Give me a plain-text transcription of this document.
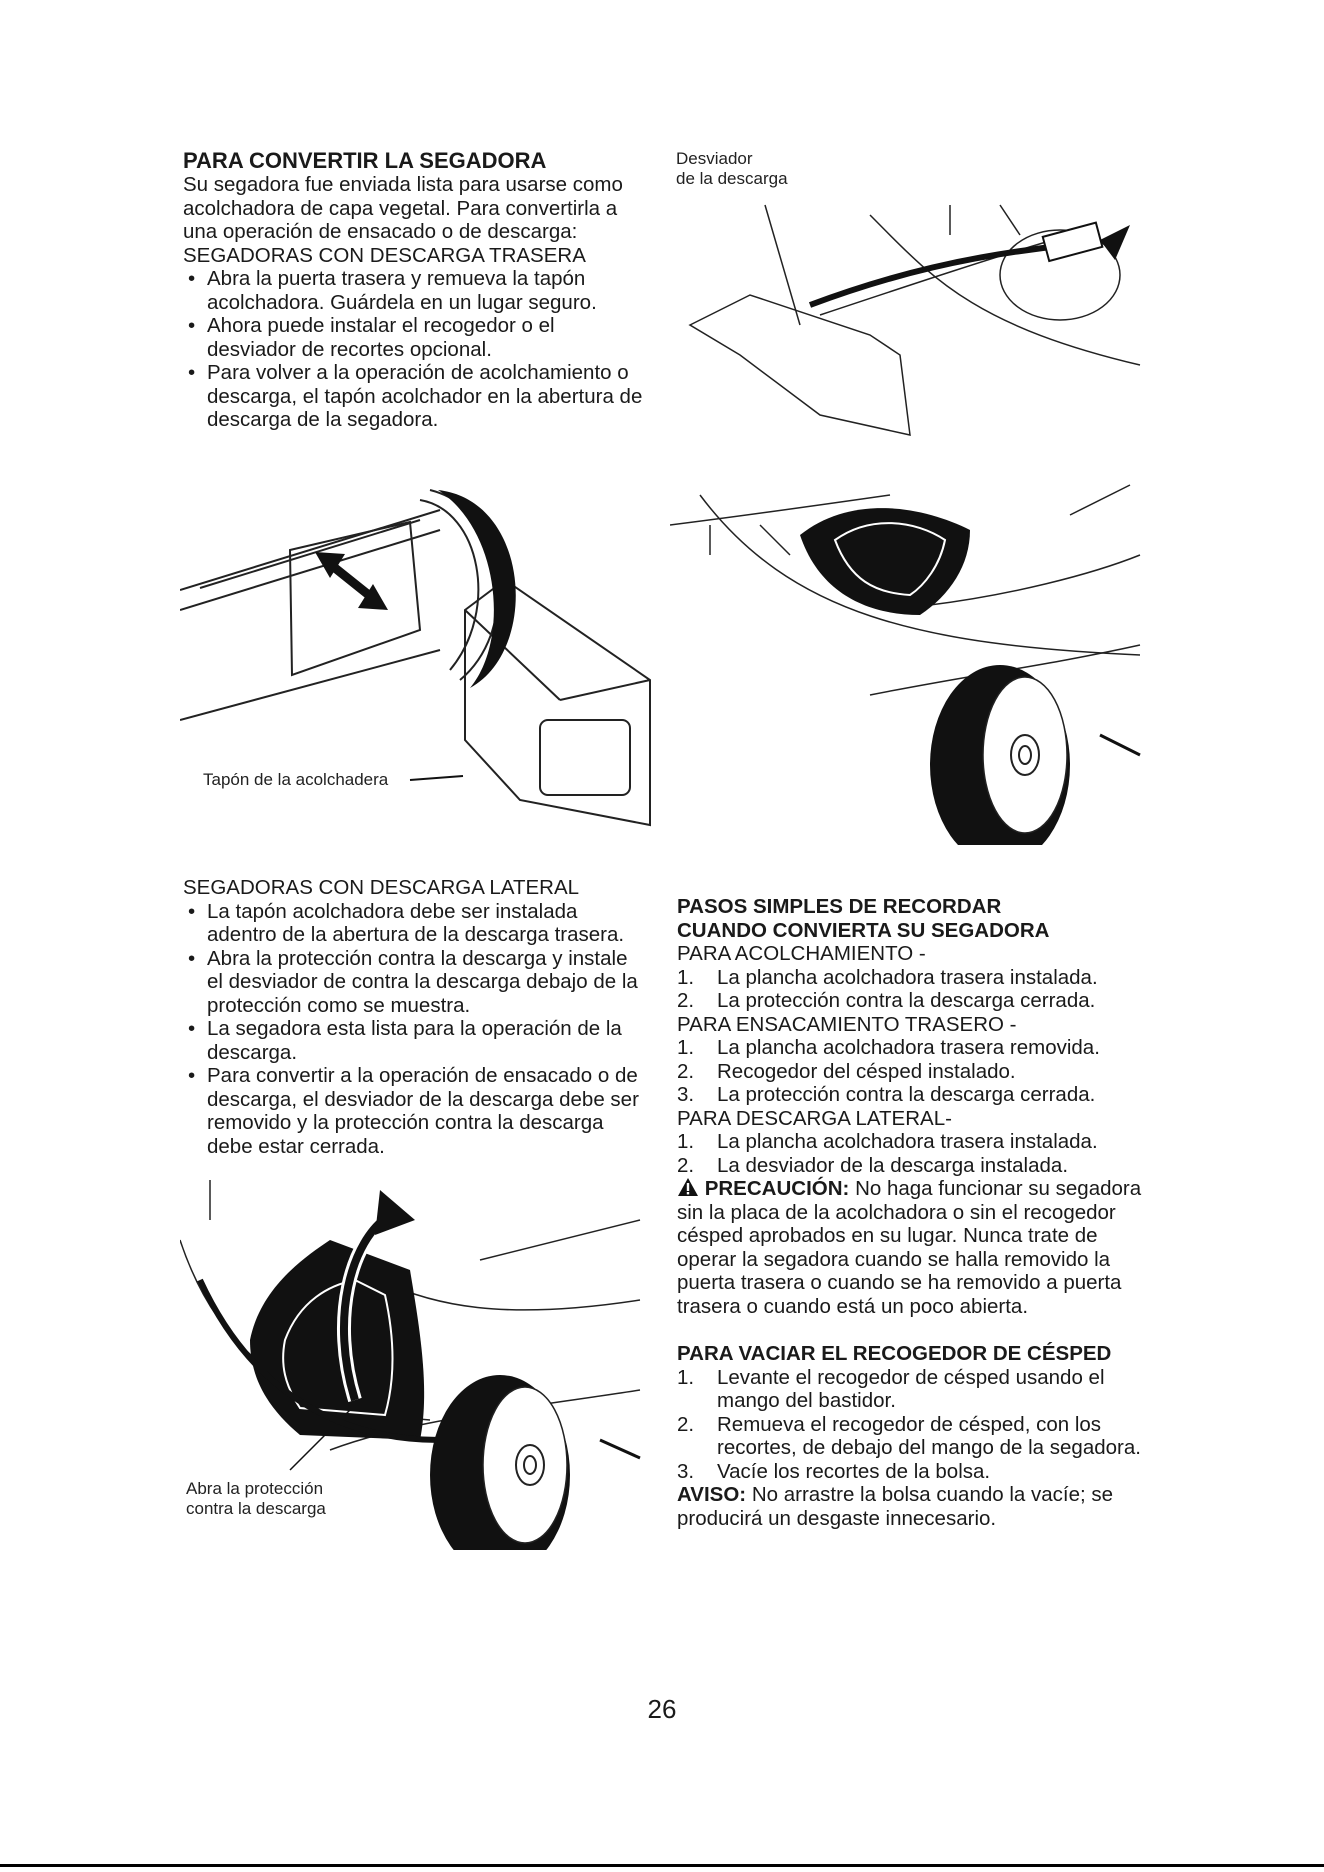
PARA CONVERTIR LA SEGADORA

Su segadora fue enviada lista para usarse como acolchadora de capa vegetal. Para convertirla a una operación de ensacado o de descarga:

SEGADORAS CON DESCARGA TRASERA

• Abra la puerta trasera y remueva la tapón acolchadora. Guárdela en un lugar seguro.
• Ahora puede instalar el recogedor o el desviador de recortes opcional.
• Para volver a la operación de acolchamiento o descarga, el tapón acolchador en la abertura de descarga de la segadora.
Tapón de la acolchadera

SEGADORAS CON DESCARGA LATERAL

• La tapón acolchadora debe ser instalada adentro de la abertura de la descarga trasera.
• Abra la protección contra la descarga y instale el desviador de contra la descarga debajo de la protección como se muestra.
• La segadora esta lista para la operación de la descarga.
• Para convertir a la operación de ensacado o de descarga, el desviador de la descarga debe ser removido y la protección contra la descarga debe estar cerrada.
Abra la protección
contra la descarga
Desviador
de la descarga

PASOS SIMPLES DE RECORDAR

CUANDO CONVIERTA SU SEGADORA

PARA ACOLCHAMIENTO -

1. La plancha acolchadora trasera instalada.
2. La protección contra la descarga cerrada.

PARA ENSACAMIENTO TRASERO -

1. La plancha acolchadora trasera removida.
2. Recogedor del césped instalado.
3. La protección contra la descarga cerrada.

PARA DESCARGA LATERAL-

1. La plancha acolchadora trasera instalada.
2. La desviador de la descarga instalada.

PRECAUCIÓN: No haga funcionar su segadora sin la placa de la acolchadora o sin el recogedor césped aprobados en su lugar. Nunca trate de operar la segadora cuando se halla removido la puerta trasera o cuando se ha removido a puerta trasera o cuando está un poco abierta.

PARA VACIAR EL RECOGEDOR DE CÉSPED

1. Levante el recogedor de césped usando el mango del bastidor.
2. Remueva el recogedor de césped, con los recortes, de debajo del mango de la segadora.
3. Vacíe los recortes de la bolsa.

AVISO: No arrastre la bolsa cuando la vacíe; se producirá un desgaste innecesario.

26
